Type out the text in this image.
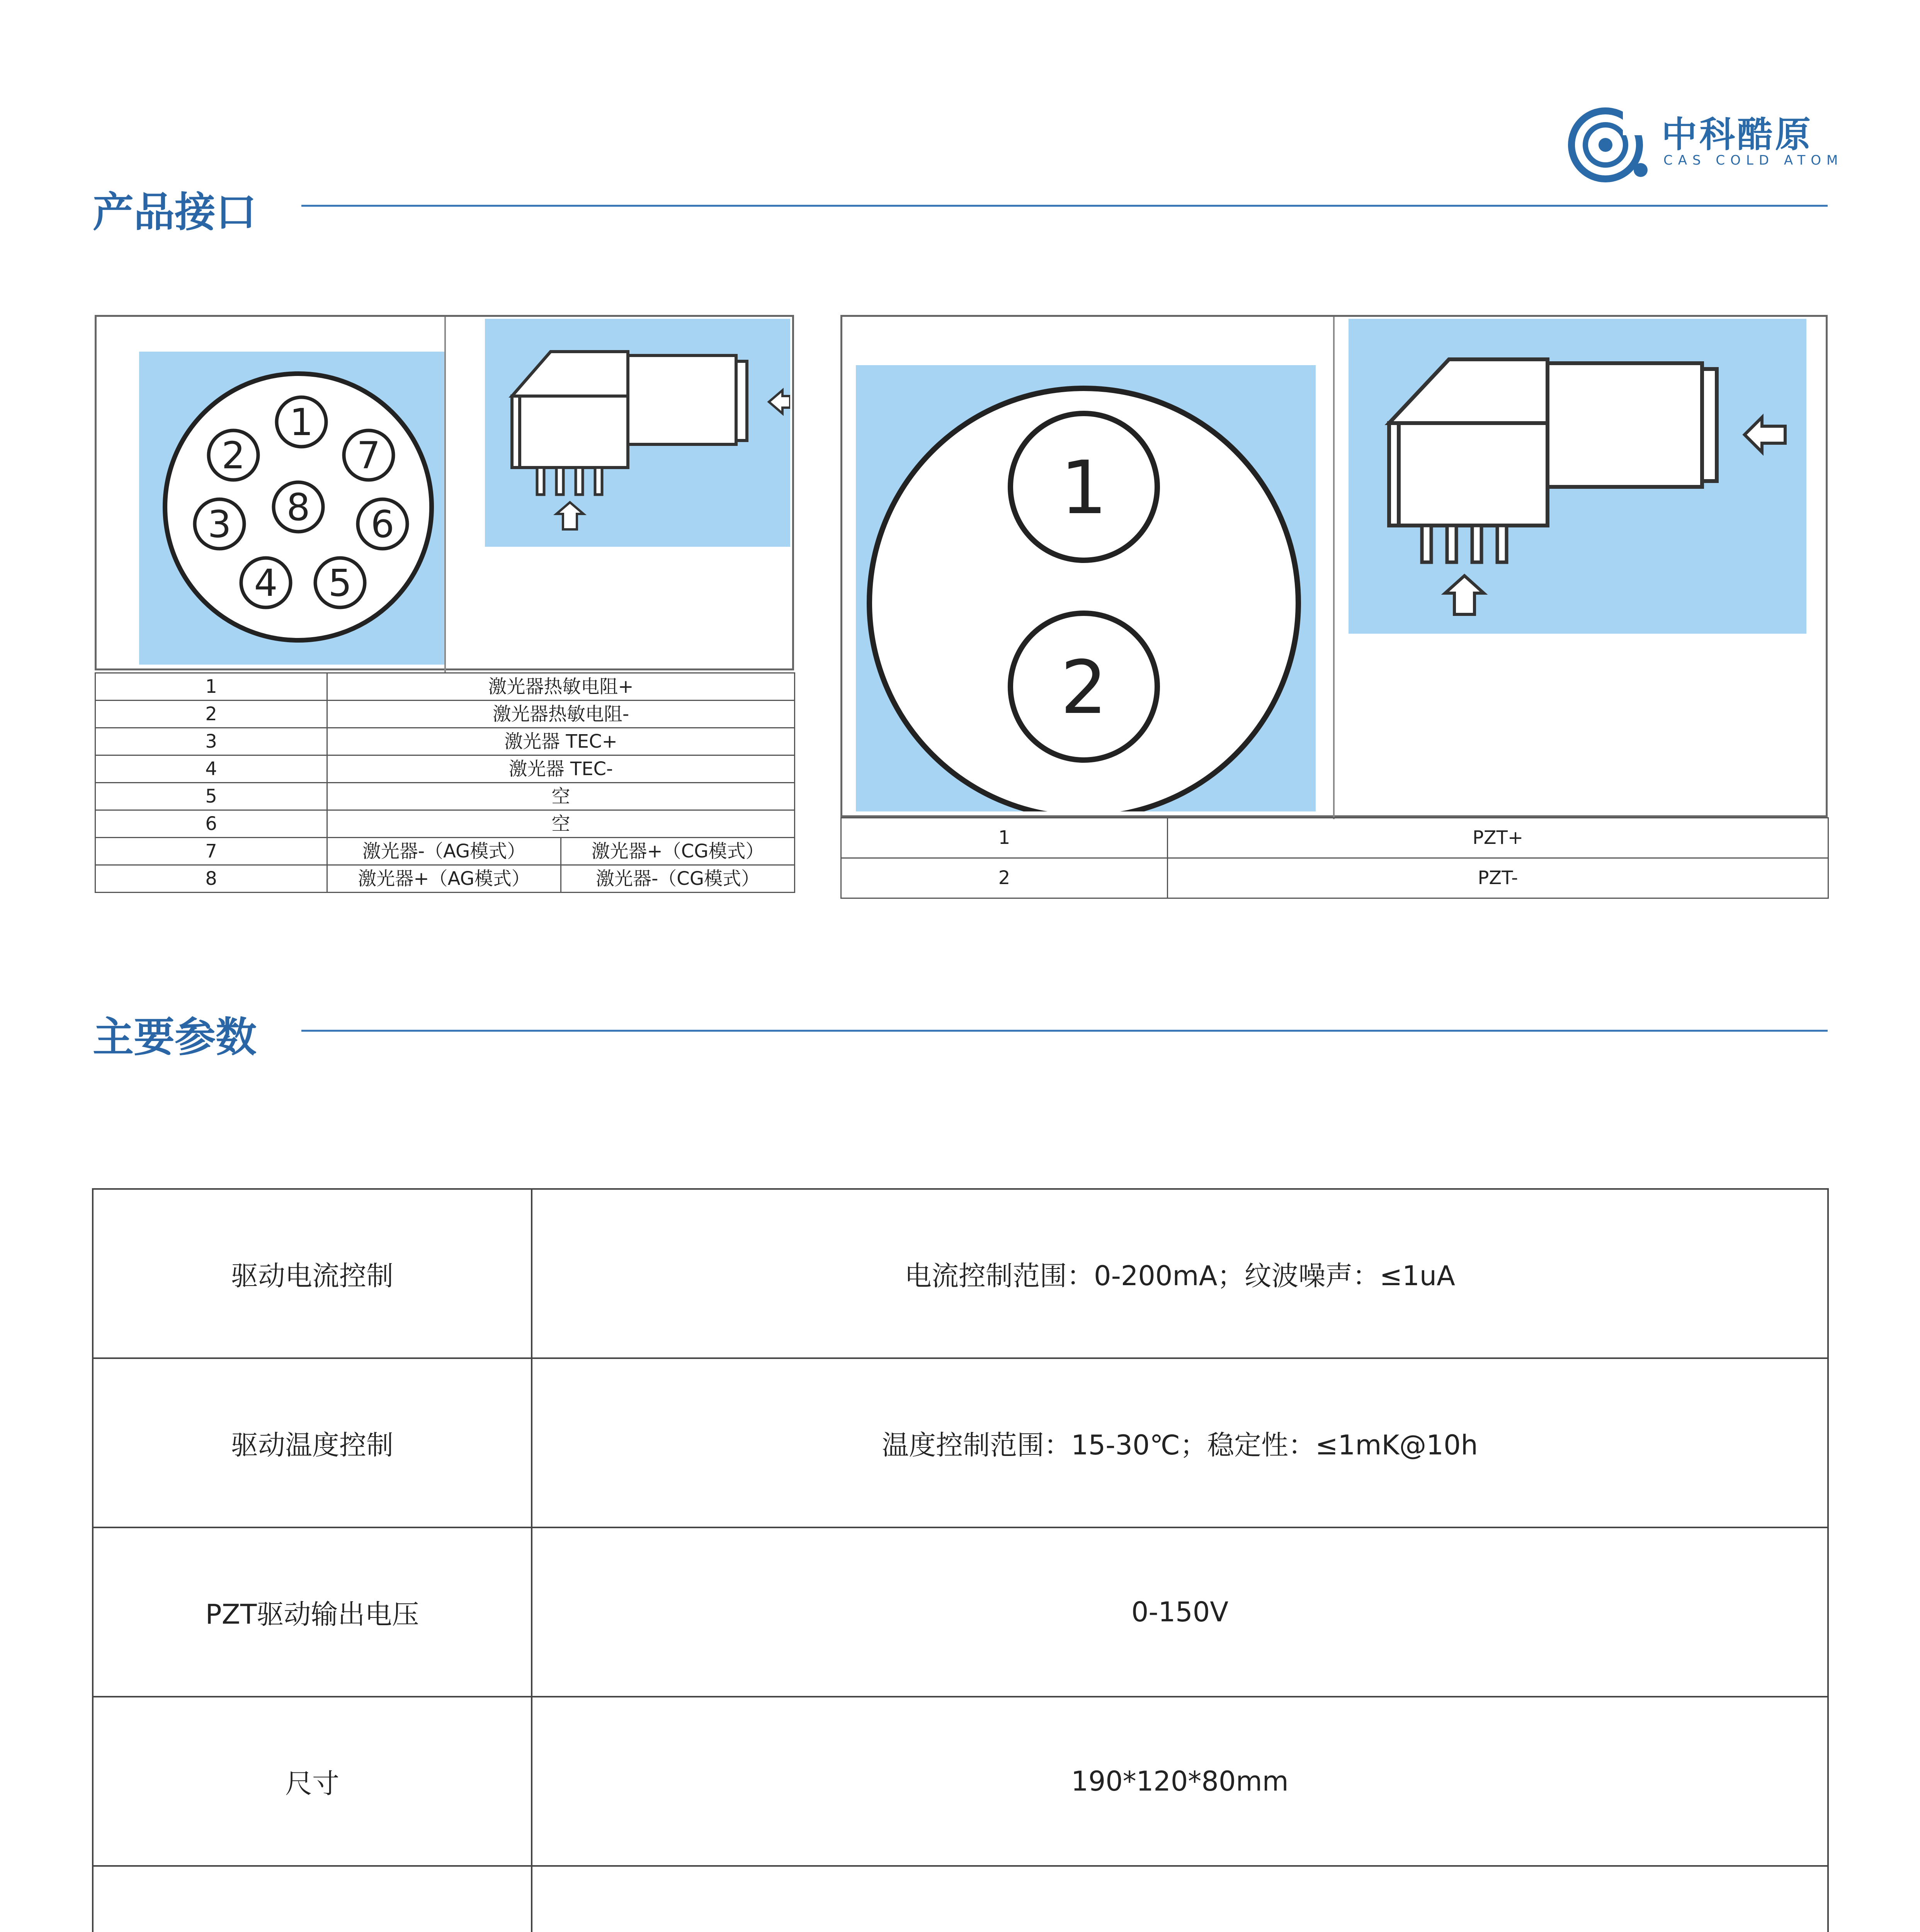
中科酷原
CAS COLD ATOM
产品接口
1
2	7
3 8 6
4 5
1	激光器热敏电阻+	
2	激光器热敏电阻-	
3	激光器 TEC+	
4	激光器 TEC-	
5	空	
6	空	
7	激光器-（AG模式）	激光器+（CG模式）
8	激光器+（AG模式）	激光器-（CG模式）
1
2
1	PZT+
2	PZT-
主要参数
驱动电流控制	电流控制范围：0-200mA；纹波噪声：≤1uA
驱动温度控制	温度控制范围：15-30℃；稳定性：≤1mK@10h
PZT驱动输出电压	0-150V
尺寸	190*120*80mm
